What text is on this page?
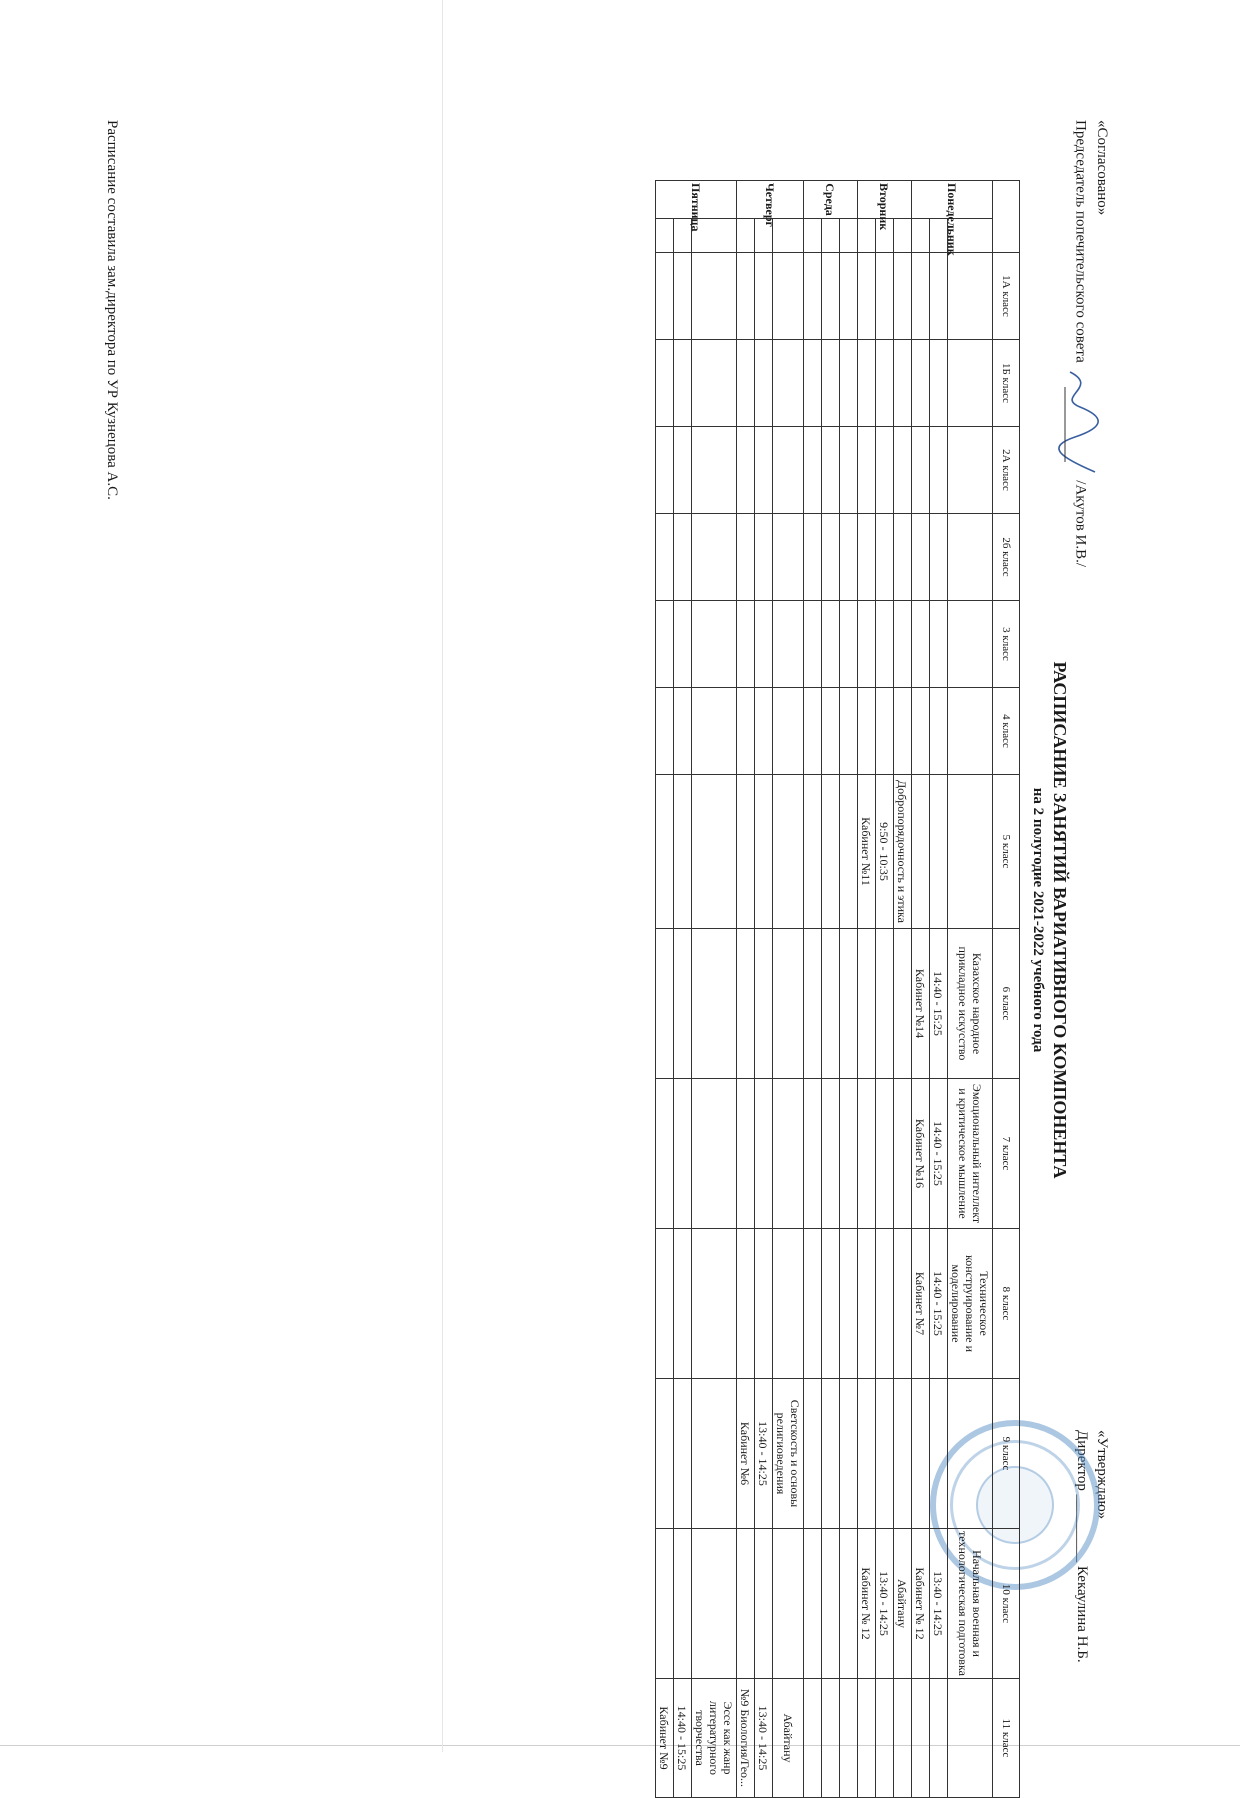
«Согласовано»
Председатель попечительского совета
/Акутов И.В./
«Утверждаю»
Директор _________ Кекаулина Н.Б.
РАСПИСАНИЕ ЗАНЯТИЙ ВАРИАТИВНОГО КОМПОНЕНТА
на 2 полугодие 2021-2022 учебного года
		1А класс	1Б класс	2А класс	2б класс	3 класс	4 класс	5 класс	6 класс	7 класс	8 класс	9 класс	10 класс	11 класс
Понедельник									Казахское народное прикладное искусство	Эмоциональный интеллект и критическое мышление	Техническое конструирование и моделирование		Начальная военная и технологическая подготовка	
									14:40 - 15:25	14:40 - 15:25	14:40 - 15:25		13:40 - 14:25	
									Кабинет №14	Кабинет №16	Кабинет №7		Кабинет № 12	
Вторник								Добропорядочность и этика					Абайтану	
								9:50 - 10:35					13:40 - 14:25	
								Кабинет №11					Кабинет № 12	
Среда														

Четверг												Светскость и основы религиоведения		Абайтану
												13:40 - 14:25		13:40 - 14:25
												Кабинет №6		№9 Биология/Гео...
Пятница														Эссе как жанр литературного творчества
														14:40 - 15:25
														Кабинет №9
Расписание составила зам.директора по УР Кузнецова А.С.
